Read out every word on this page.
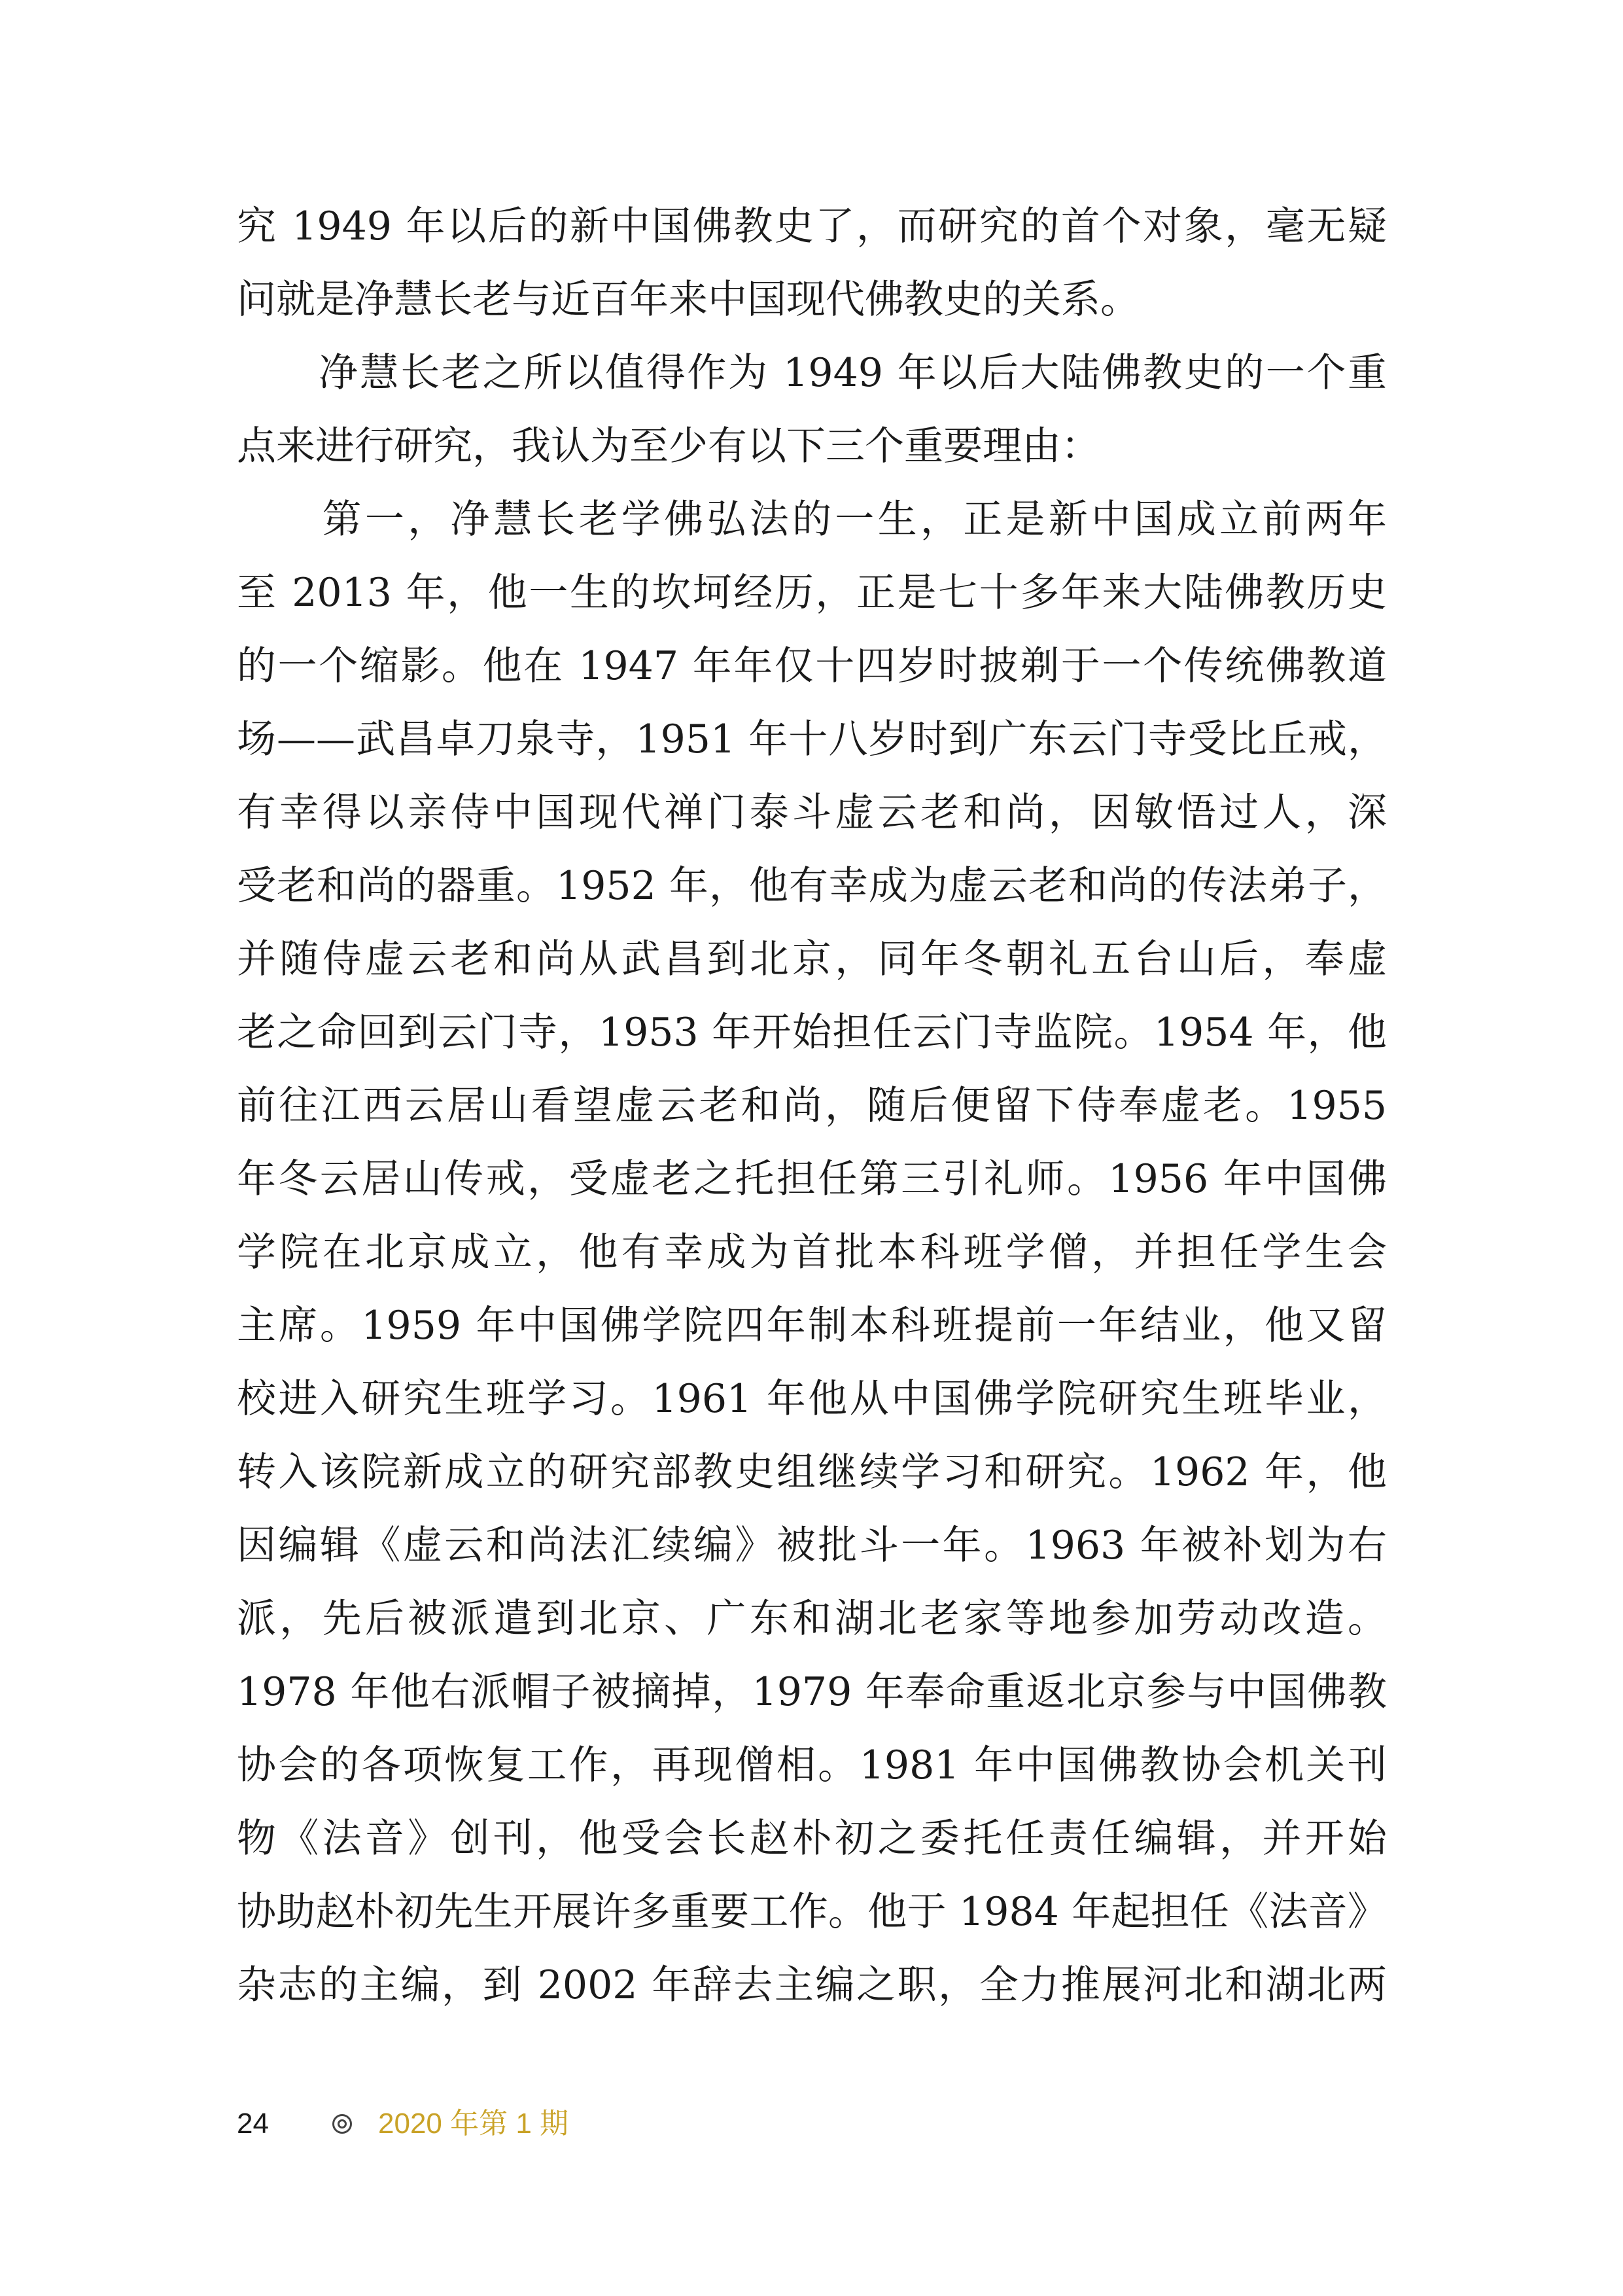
究 1949 年以后的新中国佛教史了，而研究的首个对象，毫无疑
问就是净慧长老与近百年来中国现代佛教史的关系。
　　净慧长老之所以值得作为 1949 年以后大陆佛教史的一个重
点来进行研究，我认为至少有以下三个重要理由：
　　第一，净慧长老学佛弘法的一生，正是新中国成立前两年
至 2013 年，他一生的坎坷经历，正是七十多年来大陆佛教历史
的一个缩影。他在 1947 年年仅十四岁时披剃于一个传统佛教道
场——武昌卓刀泉寺，1951 年十八岁时到广东云门寺受比丘戒，
有幸得以亲侍中国现代禅门泰斗虚云老和尚，因敏悟过人，深
受老和尚的器重。1952 年，他有幸成为虚云老和尚的传法弟子，
并随侍虚云老和尚从武昌到北京，同年冬朝礼五台山后，奉虚
老之命回到云门寺，1953 年开始担任云门寺监院。1954 年，他
前往江西云居山看望虚云老和尚，随后便留下侍奉虚老。1955
年冬云居山传戒，受虚老之托担任第三引礼师。1956 年中国佛
学院在北京成立，他有幸成为首批本科班学僧，并担任学生会
主席。1959 年中国佛学院四年制本科班提前一年结业，他又留
校进入研究生班学习。1961 年他从中国佛学院研究生班毕业，
转入该院新成立的研究部教史组继续学习和研究。1962 年，他
因编辑《虚云和尚法汇续编》被批斗一年。1963 年被补划为右
派，先后被派遣到北京、广东和湖北老家等地参加劳动改造。
1978 年他右派帽子被摘掉，1979 年奉命重返北京参与中国佛教
协会的各项恢复工作，再现僧相。1981 年中国佛教协会机关刊
物《法音》创刊，他受会长赵朴初之委托任责任编辑，并开始
协助赵朴初先生开展许多重要工作。他于 1984 年起担任《法音》
杂志的主编，到 2002 年辞去主编之职，全力推展河北和湖北两
24	2020 年第 1 期
